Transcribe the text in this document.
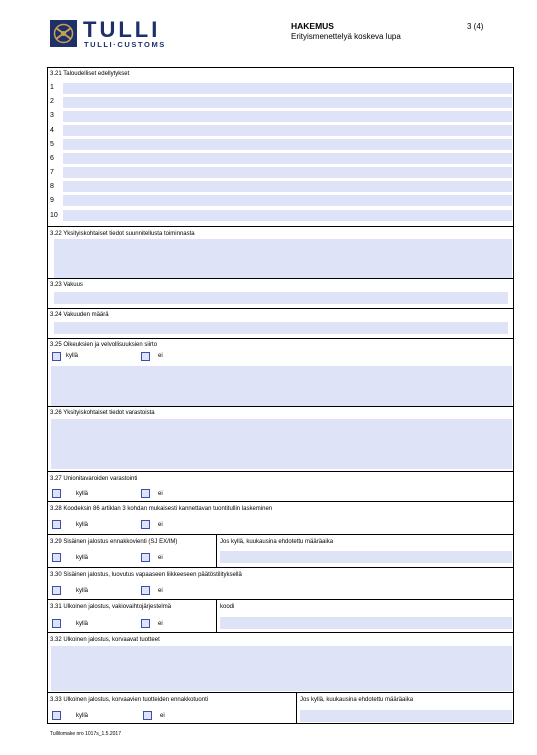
TULLI
TULLI·CUSTOMS
HAKEMUS
Erityismenettelyä koskeva lupa
3 (4)
3.21 Taloudelliset edellytykset
1
2
3
4
5
6
7
8
9
10
3.22 Yksityiskohtaiset tiedot suunnitellusta toiminnasta
3.23 Vakuus
3.24 Vakuuden määrä
3.25 Oikeuksien ja velvollisuuksien siirto
kyllä	ei
3.26 Yksityiskohtaiset tiedot varastoista
3.27 Unionitavaroiden varastointi
kyllä	ei
3.28 Koodeksin 86 artiklan 3 kohdan mukaisesti kannettavan tuontitullin laskeminen
kyllä	ei
3.29 Sisäinen jalostus ennakkovienti (SJ EX/IM)	Jos kyllä, kuukausina ehdotettu määräaika
kyllä	ei
3.30 Sisäinen jalostus, luovutus vapaaseen liikkeeseen päätöstilityksellä
kyllä	ei
3.31 Ulkoinen jalostus, vakiovaihtojärjestelmä	koodi
kyllä	ei
3.32 Ulkoinen jalostus, korvaavat tuotteet
3.33 Ulkoinen jalostus, korvaavien tuotteiden ennakkotuonti	Jos kyllä, kuukausina ehdotettu määräaika
kyllä	ei
Tullilomake nro 1017s_1.5.2017
